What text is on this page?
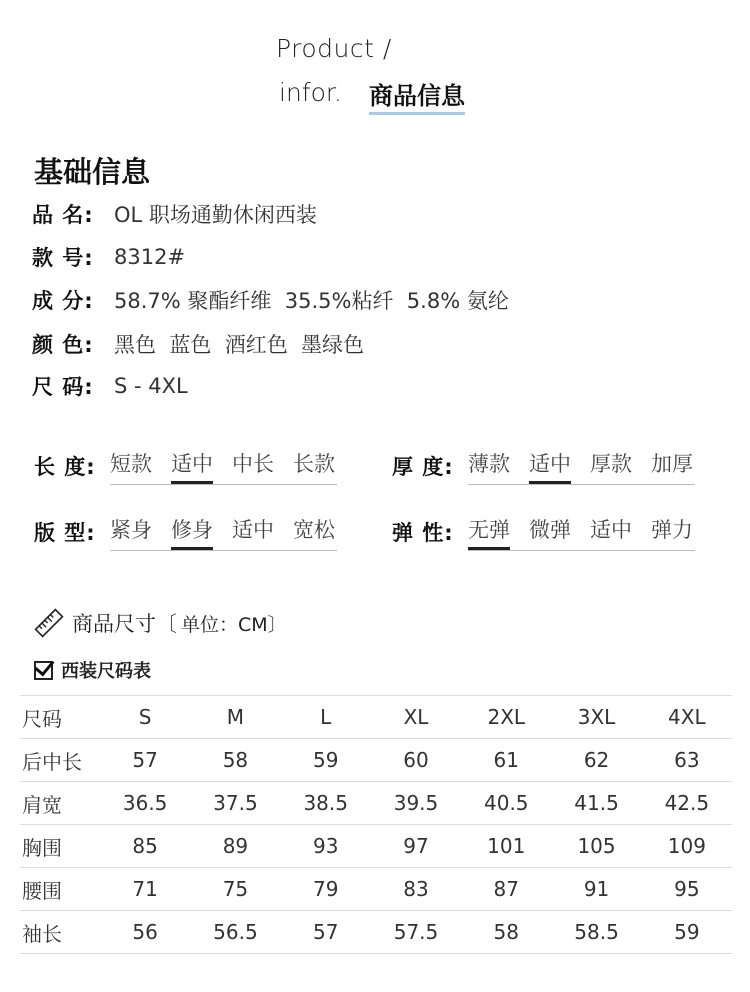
Product /
infor. 商品信息
基础信息
品 名: OL 职场通勤休闲西装
款 号: 8312#
成 分: 58.7% 聚酯纤维  35.5%粘纤  5.8% 氨纶
颜 色: 黑色  蓝色  酒红色  墨绿色
尺 码: S - 4XL
长 度: 短款 适中 中长 长款	厚 度: 薄款 适中 厚款 加厚
版 型: 紧身 修身 适中 宽松	弹 性: 无弹 微弹 适中 弹力
商品尺寸〔 单位：CM〕
西装尺码表
尺码	S	M	L	XL	2XL	3XL	4XL
后中长	57	58	59	60	61	62	63
肩宽	36.5	37.5	38.5	39.5	40.5	41.5	42.5
胸围	85	89	93	97	101	105	109
腰围	71	75	79	83	87	91	95
袖长	56	56.5	57	57.5	58	58.5	59
